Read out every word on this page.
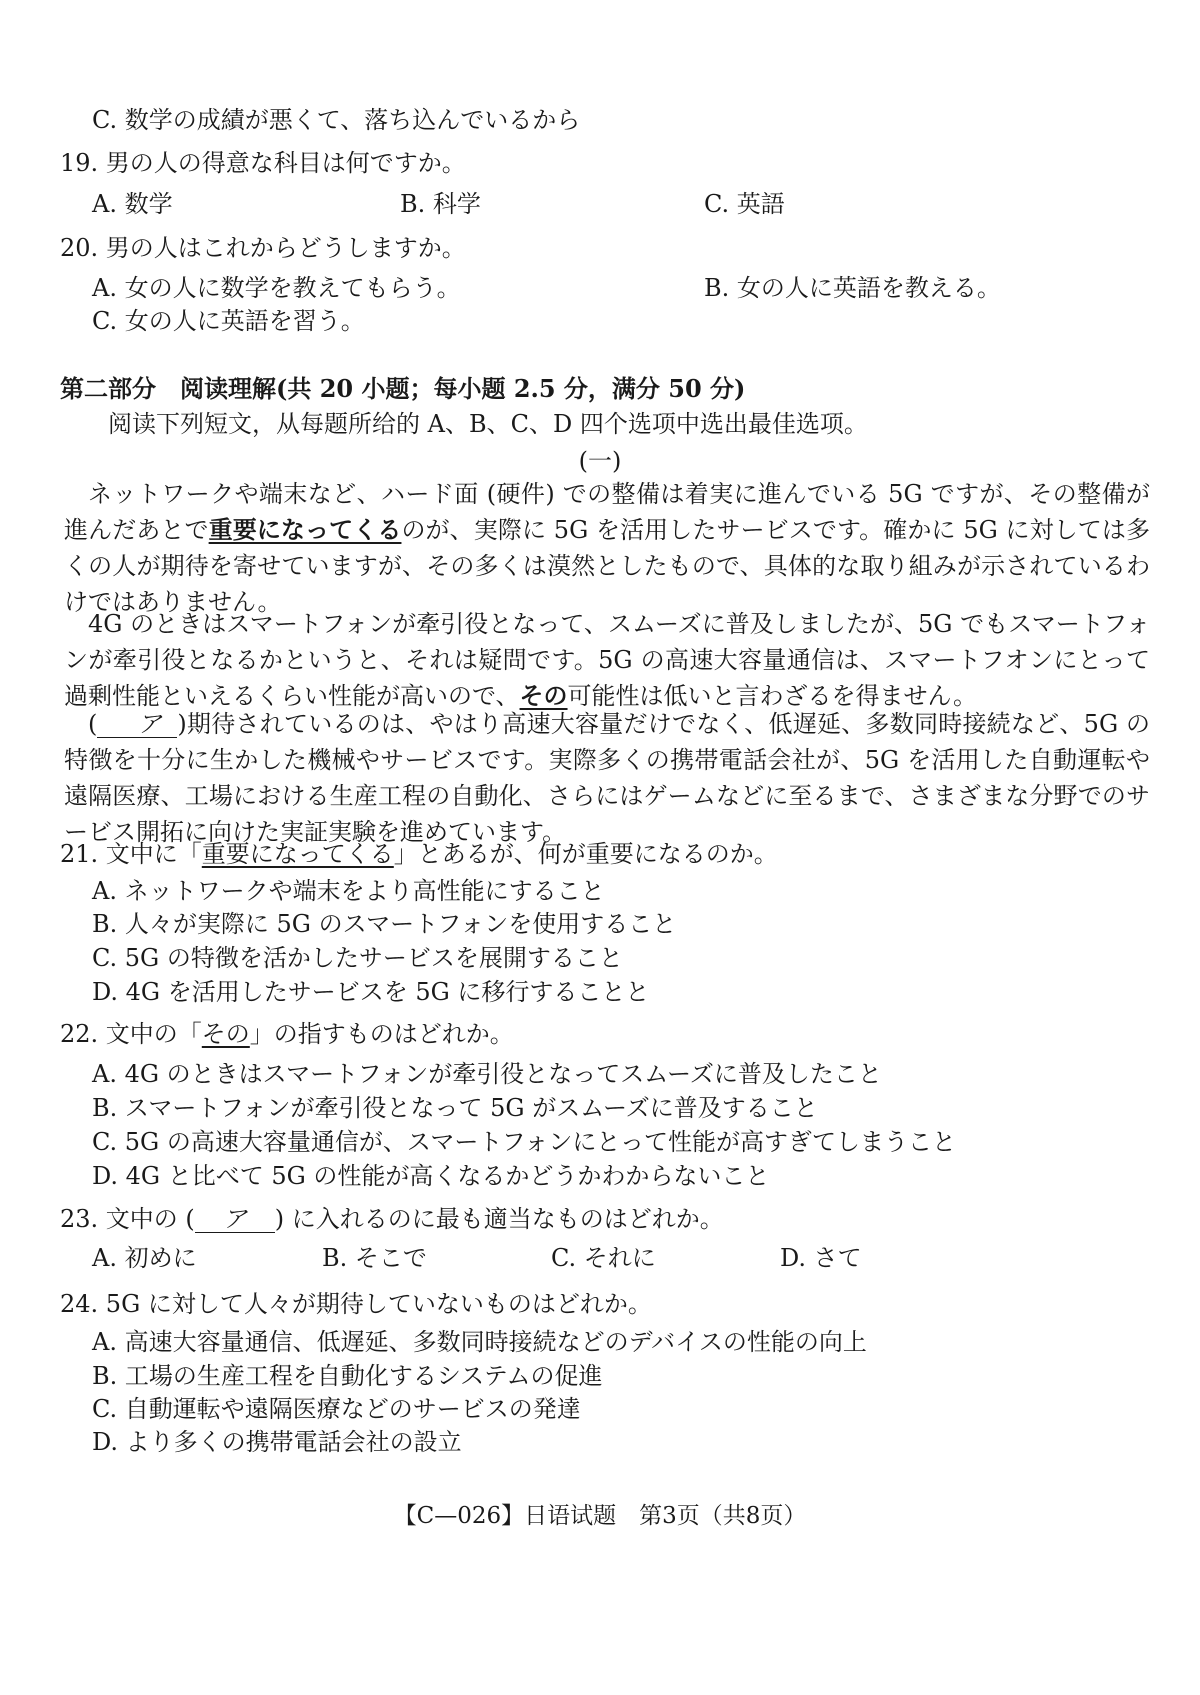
C. 数学の成績が悪くて、落ち込んでいるから
19. 男の人の得意な科目は何ですか。
A. 数学	B. 科学	C. 英語
20. 男の人はこれからどうしますか。
A. 女の人に数学を教えてもらう。	B. 女の人に英語を教える。
C. 女の人に英語を習う。
第二部分　阅读理解(共 20 小题；每小题 2.5 分，满分 50 分)
阅读下列短文，从每题所给的 A、B、C、D 四个选项中选出最佳选项。
(一)
ネットワークや端末など、ハード面 (硬件) での整備は着実に進んでいる 5G ですが、その整備が進んだあとで重要になってくるのが、実際に 5G を活用したサービスです。確かに 5G に対しては多くの人が期待を寄せていますが、その多くは漠然としたもので、具体的な取り組みが示されているわけではありません。
4G のときはスマートフォンが牽引役となって、スムーズに普及しましたが、5G でもスマートフォンが牽引役となるかというと、それは疑問です。5G の高速大容量通信は、スマートフオンにとって過剰性能といえるくらい性能が高いので、その可能性は低いと言わざるを得ません。
( ア )期待されているのは、やはり高速大容量だけでなく、低遅延、多数同時接続など、5G の特徴を十分に生かした機械やサービスです。実際多くの携帯電話会社が、5G を活用した自動運転や遠隔医療、工場における生産工程の自動化、さらにはゲームなどに至るまで、さまざまな分野でのサービス開拓に向けた実証実験を進めています。
21. 文中に「重要になってくる」とあるが、何が重要になるのか。
A. ネットワークや端末をより高性能にすること
B. 人々が実際に 5G のスマートフォンを使用すること
C. 5G の特徴を活かしたサービスを展開すること
D. 4G を活用したサービスを 5G に移行することと
22. 文中の「その」の指すものはどれか。
A. 4G のときはスマートフォンが牽引役となってスムーズに普及したこと
B. スマートフォンが牽引役となって 5G がスムーズに普及すること
C. 5G の高速大容量通信が、スマートフォンにとって性能が高すぎてしまうこと
D. 4G と比べて 5G の性能が高くなるかどうかわからないこと
23. 文中の ( ア ) に入れるのに最も適当なものはどれか。
A. 初めに	B. そこで	C. それに	D. さて
24. 5G に対して人々が期待していないものはどれか。
A. 高速大容量通信、低遅延、多数同時接続などのデバイスの性能の向上
B. 工場の生産工程を自動化するシステムの促進
C. 自動運転や遠隔医療などのサービスの発達
D. より多くの携帯電話会社の設立
【C—026】日语试题　第3页（共8页）
